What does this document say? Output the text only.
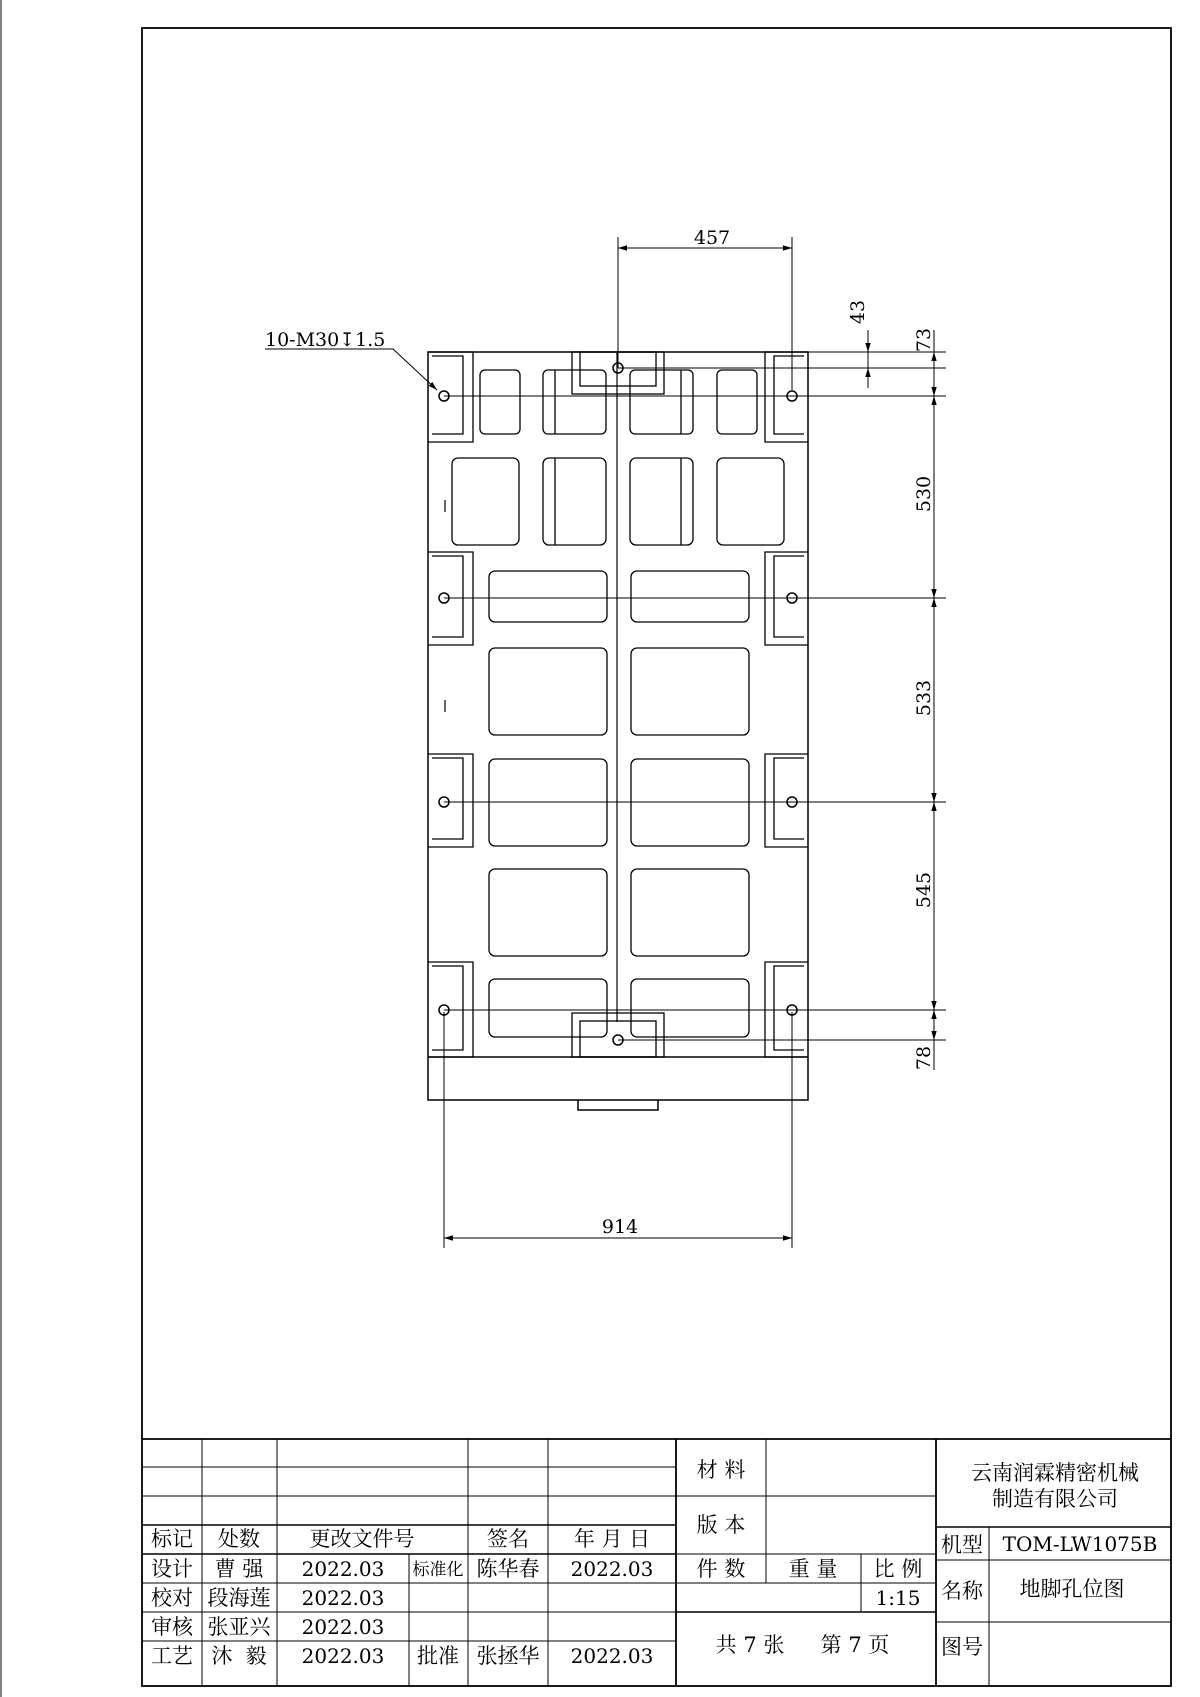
10-M30↧1.5
457
914
43
73
530
533
545
78
标记 处数 更改文件号	签名 年 月 日
设计 曹 强 2022.03 标准化 陈华春 2022.03
校对 段海莲 2022.03
审核 张亚兴 2022.03
工艺 沐  毅 2022.03 批准 张拯华 2022.03
材 料
版 本
件 数 重 量 比 例
1:15
共 7 张 第 7 页
云南润霖精密机械
制造有限公司
机型 TOM-LW1075B
名称 地脚孔位图
图号
